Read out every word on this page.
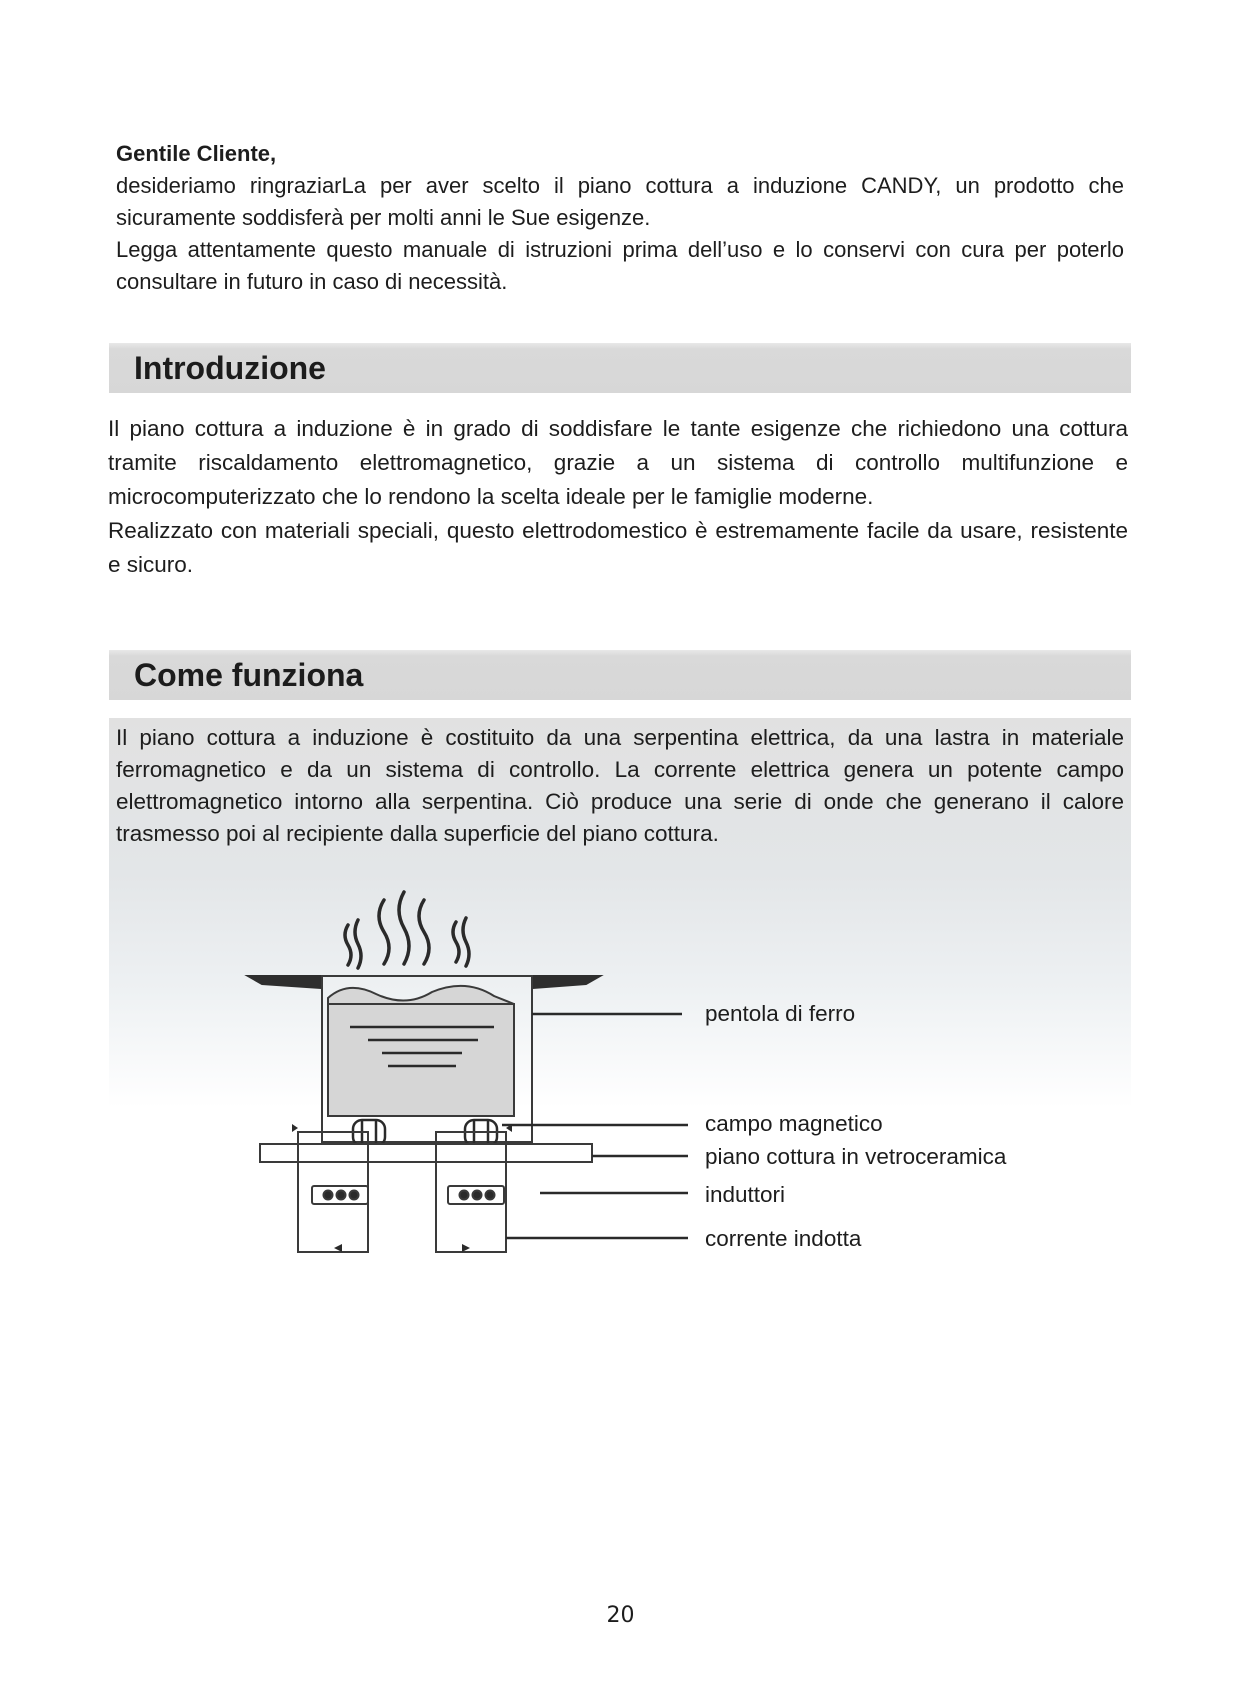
Gentile Cliente,

desideriamo ringraziarLa per aver scelto il piano cottura a induzione CANDY, un prodotto che sicuramente soddisferà per molti anni le Sue esigenze.

Legga attentamente questo manuale di istruzioni prima dell’uso e lo conservi con cura per poterlo consultare in futuro in caso di necessità.

Introduzione

Il piano cottura a induzione è in grado di soddisfare le tante esigenze che richiedono una cottura tramite riscaldamento elettromagnetico, grazie a un sistema di controllo multifunzione e microcomputerizzato che lo rendono la scelta ideale per le famiglie moderne.

Realizzato con materiali speciali, questo elettrodomestico è estremamente facile da usare, resistente e sicuro.

Come funziona

Il piano cottura a induzione è costituito da una serpentina elettrica, da una lastra in materiale ferromagnetico e da un sistema di controllo. La corrente elettrica genera un potente campo elettromagnetico intorno alla serpentina. Ciò produce una serie di onde che generano il calore trasmesso poi al recipiente dalla superficie del piano cottura.

pentola di ferro
campo magnetico
piano cottura in vetroceramica
induttori
corrente indotta
20
